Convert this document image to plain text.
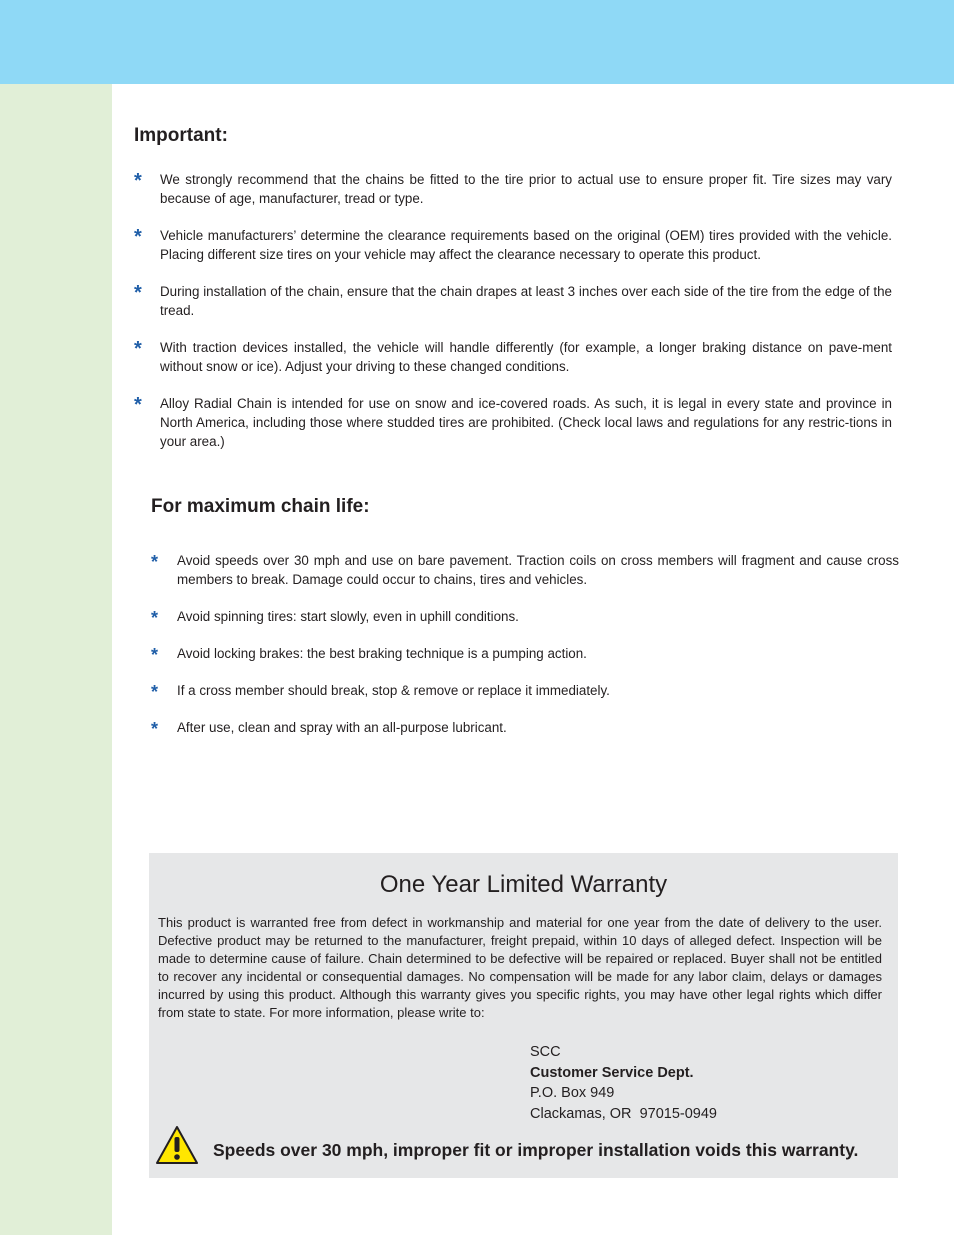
Important:
* We strongly recommend that the chains be fitted to the tire prior to actual use to ensure proper fit. Tire sizes may vary because of age, manufacturer, tread or type.
* Vehicle manufacturers’ determine the clearance requirements based on the original (OEM) tires provided with the vehicle. Placing different size tires on your vehicle may affect the clearance necessary to operate this product.
* During installation of the chain, ensure that the chain drapes at least 3 inches over each side of the tire from the edge of the tread.
* With traction devices installed, the vehicle will handle differently (for example, a longer braking distance on pave-ment without snow or ice). Adjust your driving to these changed conditions.
* Alloy Radial Chain is intended for use on snow and ice-covered roads. As such, it is legal in every state and province in North America, including those where studded tires are prohibited. (Check local laws and regulations for any restric-tions in your area.)
For maximum chain life:
* Avoid speeds over 30 mph and use on bare pavement. Traction coils on cross members will fragment and cause cross members to break. Damage could occur to chains, tires and vehicles.
* Avoid spinning tires: start slowly, even in uphill conditions.
* Avoid locking brakes: the best braking technique is a pumping action.
* If a cross member should break, stop & remove or replace it immediately.
* After use, clean and spray with an all-purpose lubricant.
One Year Limited Warranty

This product is warranted free from defect in workmanship and material for one year from the date of delivery to the user. Defective product may be returned to the manufacturer, freight prepaid, within 10 days of alleged defect. Inspection will be made to determine cause of failure. Chain determined to be defective will be repaired or replaced. Buyer shall not be entitled to recover any incidental or consequential damages. No compensation will be made for any labor claim, delays or damages incurred by using this product. Although this warranty gives you specific rights, you may have other legal rights which differ from state to state. For more information, please write to:

SCC
Customer Service Dept.
P.O. Box 949
Clackamas, OR  97015-0949
Speeds over 30 mph, improper fit or improper installation voids this warranty.
